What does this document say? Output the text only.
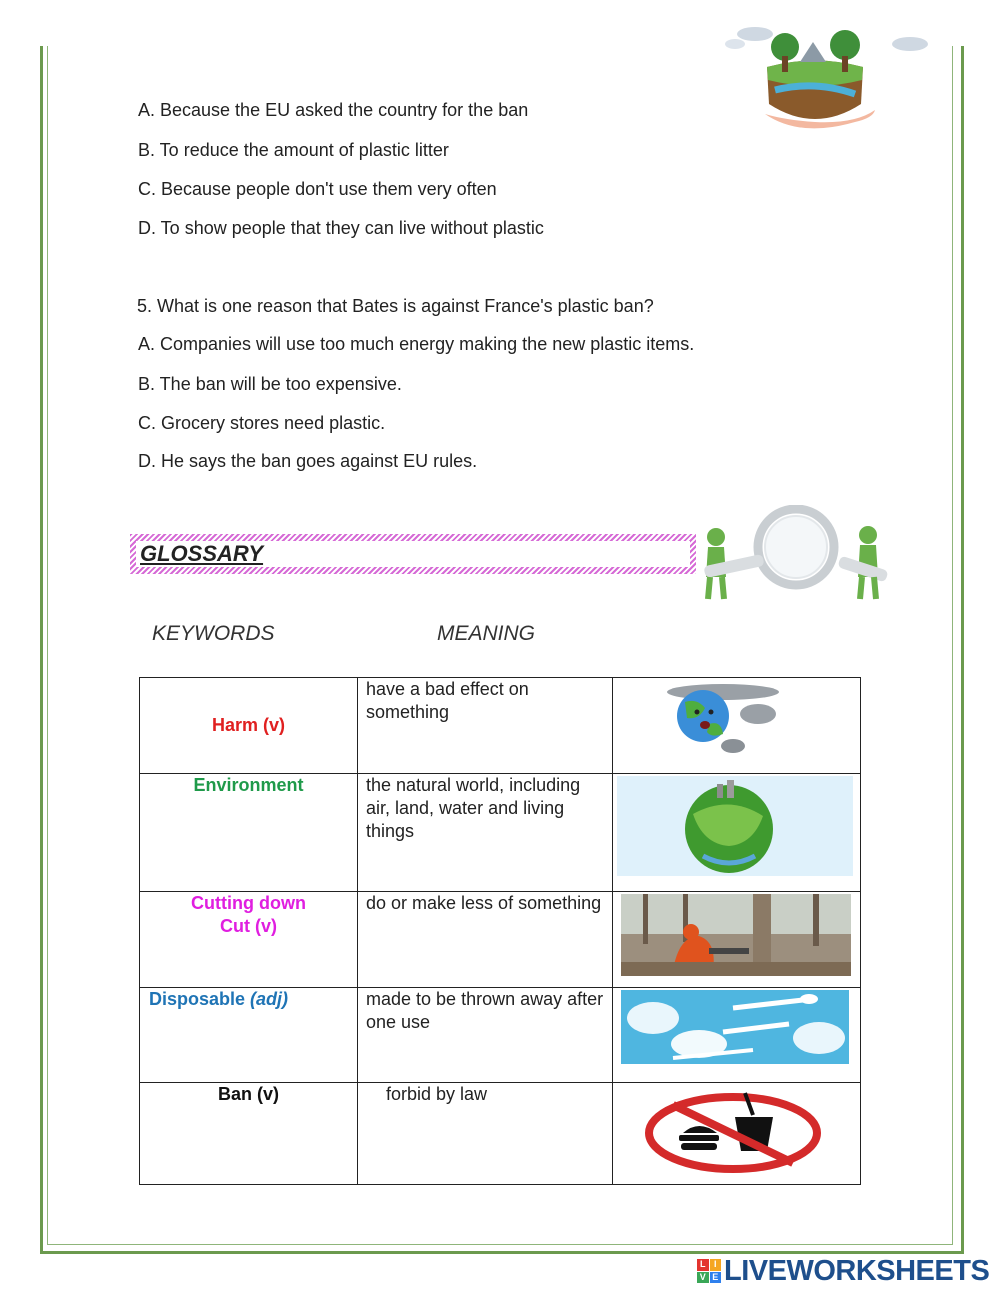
A. Because the EU asked the country for the ban
B. To reduce the amount of plastic litter
C. Because people don't use them very often
D. To show people that they can live without plastic
5. What is one reason that Bates is against France's plastic ban?
A. Companies will use too much energy making the new plastic items.
B. The ban will be too expensive.
C. Grocery stores need plastic.
D. He says the ban goes against EU rules.
GLOSSARY
KEYWORDS	MEANING
Harm (v)	have a bad effect on something	
Environment	the natural world, including air, land, water and living things	

Cutting down
Cut (v)	do or make less of something	
Disposable (adj)	made to be thrown away after one use	
Ban (v)	forbid by law	
L I
V E LIVEWORKSHEETS
